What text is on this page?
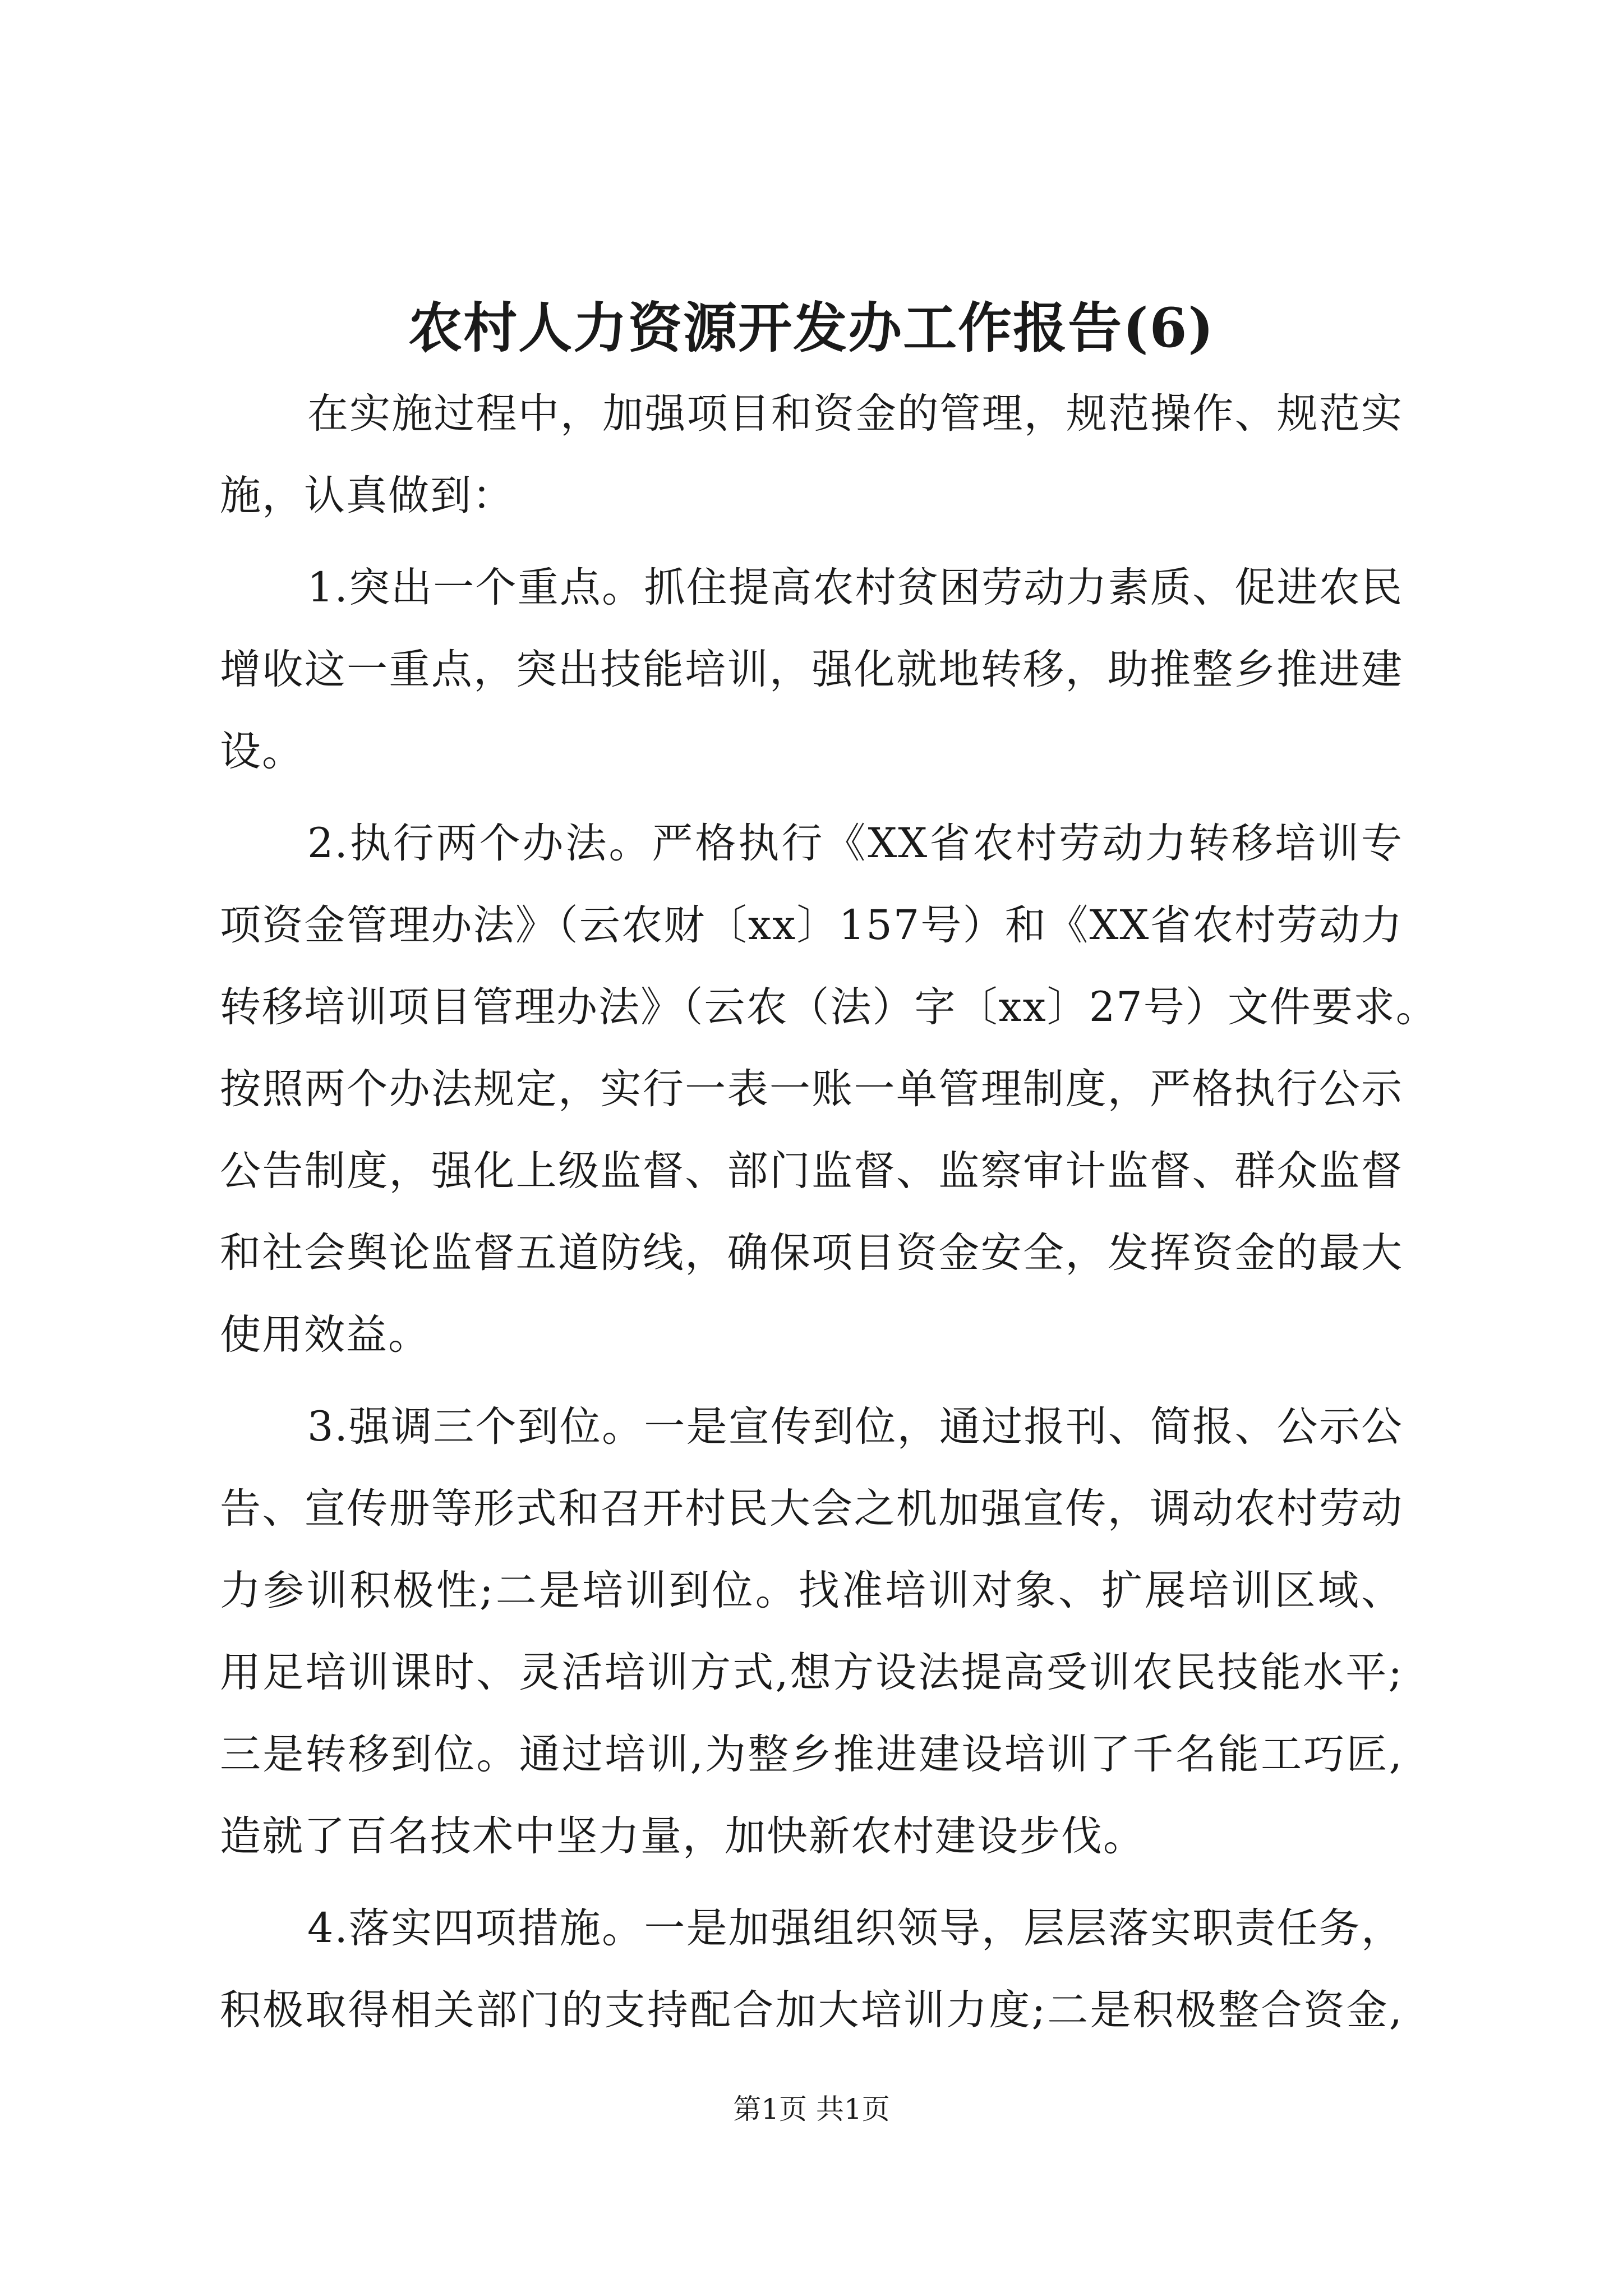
农村人力资源开发办工作报告(6)
在实施过程中，加强项目和资金的管理，规范操作、规范实
施，认真做到：
1.突出一个重点。抓住提高农村贫困劳动力素质、促进农民
增收这一重点，突出技能培训，强化就地转移，助推整乡推进建
设。
2.执行两个办法。严格执行《XX省农村劳动力转移培训专
项资金管理办法》（云农财〔xx〕157号）和《XX省农村劳动力
转移培训项目管理办法》（云农（法）字〔xx〕27号）文件要求。
按照两个办法规定，实行一表一账一单管理制度，严格执行公示
公告制度，强化上级监督、部门监督、监察审计监督、群众监督
和社会舆论监督五道防线，确保项目资金安全，发挥资金的最大
使用效益。
3.强调三个到位。一是宣传到位，通过报刊、简报、公示公
告、宣传册等形式和召开村民大会之机加强宣传，调动农村劳动
力参训积极性;二是培训到位。找准培训对象、扩展培训区域、
用足培训课时、灵活培训方式,想方设法提高受训农民技能水平;
三是转移到位。通过培训,为整乡推进建设培训了千名能工巧匠,
造就了百名技术中坚力量，加快新农村建设步伐。
4.落实四项措施。一是加强组织领导，层层落实职责任务，
积极取得相关部门的支持配合加大培训力度;二是积极整合资金,
第1页 共1页
